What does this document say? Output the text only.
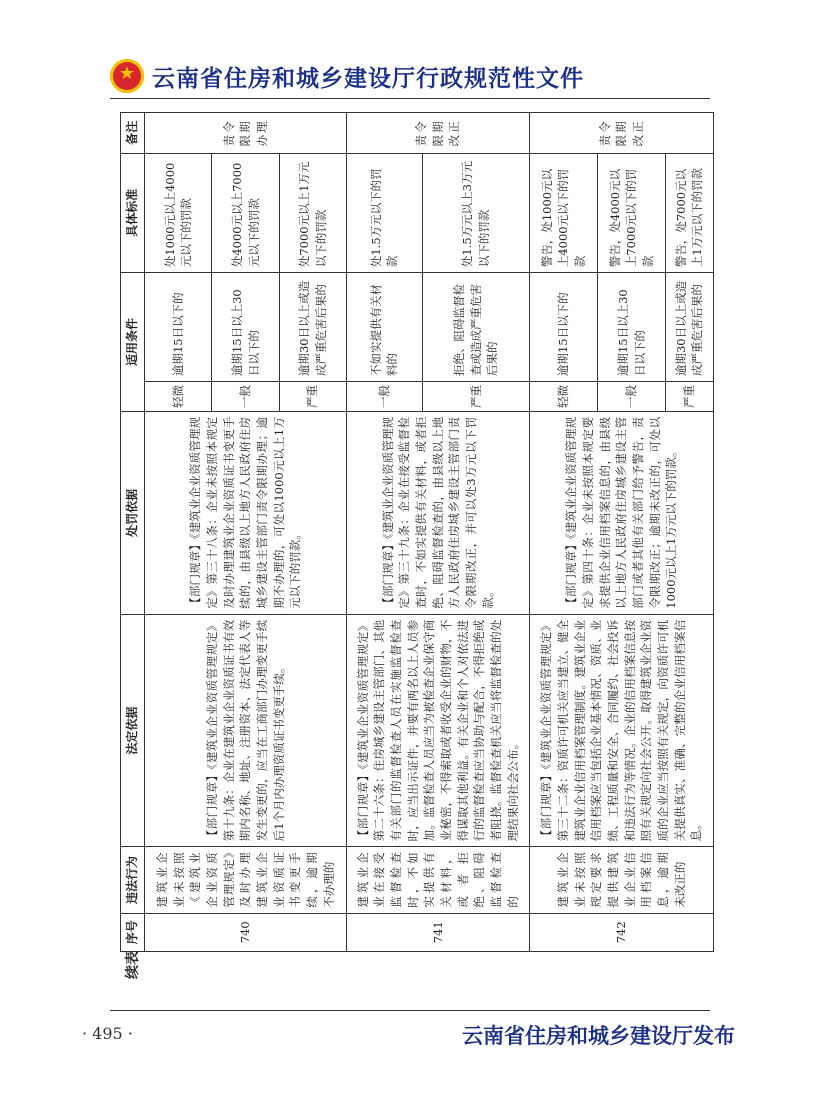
★
云南省住房和城乡建设厅行政规范性文件
序号	违法行为	法定依据	处罚依据	适用条件		具体标准	备注
740	建筑业企业未按照《建筑业企业资质管理规定》及时办理建筑业企业资质证书变更手续，逾期不办理的	【部门规章】《建筑业企业资质管理规定》第十九条：企业在建筑业企业资质证书有效期内名称、地址、注册资本、法定代表人等发生变更的，应当在工商部门办理变更手续后1个月内办理资质证书变更手续。	【部门规章】《建筑业企业资质管理规定》第三十八条：企业未按照本规定及时办理建筑业企业资质证书变更手续的，由县级以上地方人民政府住房城乡建设主管部门责令限期办理；逾期不办理的，可处以1000元以上1万元以下的罚款。	轻微	逾期15日以下的	处1000元以上4000元以下的罚款	责令限期办理
				一般	逾期15日以上30日以下的	处4000元以上7000元以下的罚款	
				严重	逾期30日以上或造成严重危害后果的	处7000元以上1万元以下的罚款	
741	建筑业企业在接受监督检查时，不如实提供有关材料，或者拒绝、阻碍监督检查的	【部门规章】《建筑业企业资质管理规定》第二十六条：住房城乡建设主管部门、其他有关部门的监督检查人员在实施监督检查时，应当出示证件，并要有两名以上人员参加。监督检查人员应当为被检查企业保守商业秘密，不得索取或者收受企业的财物，不得谋取其他利益。有关企业和个人对依法进行的监督检查应当协助与配合，不得拒绝或者阻挠。监督检查机关应当将监督检查的处理结果向社会公布。	【部门规章】《建筑业企业资质管理规定》第三十九条：企业在接受监督检查时，不如实提供有关材料，或者拒绝、阻碍监督检查的，由县级以上地方人民政府住房城乡建设主管部门责令限期改正，并可以处3万元以下罚款。	一般	不如实提供有关材料的	处1.5万元以下的罚款	责令限期改正
				严重	拒绝、阻碍监督检查或造成严重危害后果的	处1.5万元以上3万元以下的罚款	
742	建筑业企业未按照规定要求提供建筑业企业信用档案信息，逾期未改正的	【部门规章】《建筑业企业资质管理规定》第三十二条：资质许可机关应当建立、健全建筑业企业信用档案管理制度。建筑业企业信用档案应当包括企业基本情况、资质、业绩、工程质量和安全、合同履约、社会投诉和违法行为等情况。企业的信用档案信息按照有关规定向社会公开。取得建筑业企业资质的企业应当按照有关规定，向资质许可机关提供真实、准确、完整的企业信用档案信息。	【部门规章】《建筑业企业资质管理规定》第四十条：企业未按照本规定要求提供企业信用档案信息的，由县级以上地方人民政府住房城乡建设主管部门或者其他有关部门给予警告，责令限期改正；逾期未改正的，可处以1000元以上1万元以下的罚款。	轻微	逾期15日以下的	警告，处1000元以上4000元以下的罚款	责令限期改正
				一般	逾期15日以上30日以下的	警告，处4000元以上7000元以下的罚款	
				严重	逾期30日以上或造成严重危害后果的	警告，处7000元以上1万元以下的罚款	
续表
· 495 ·	云南省住房和城乡建设厅发布
